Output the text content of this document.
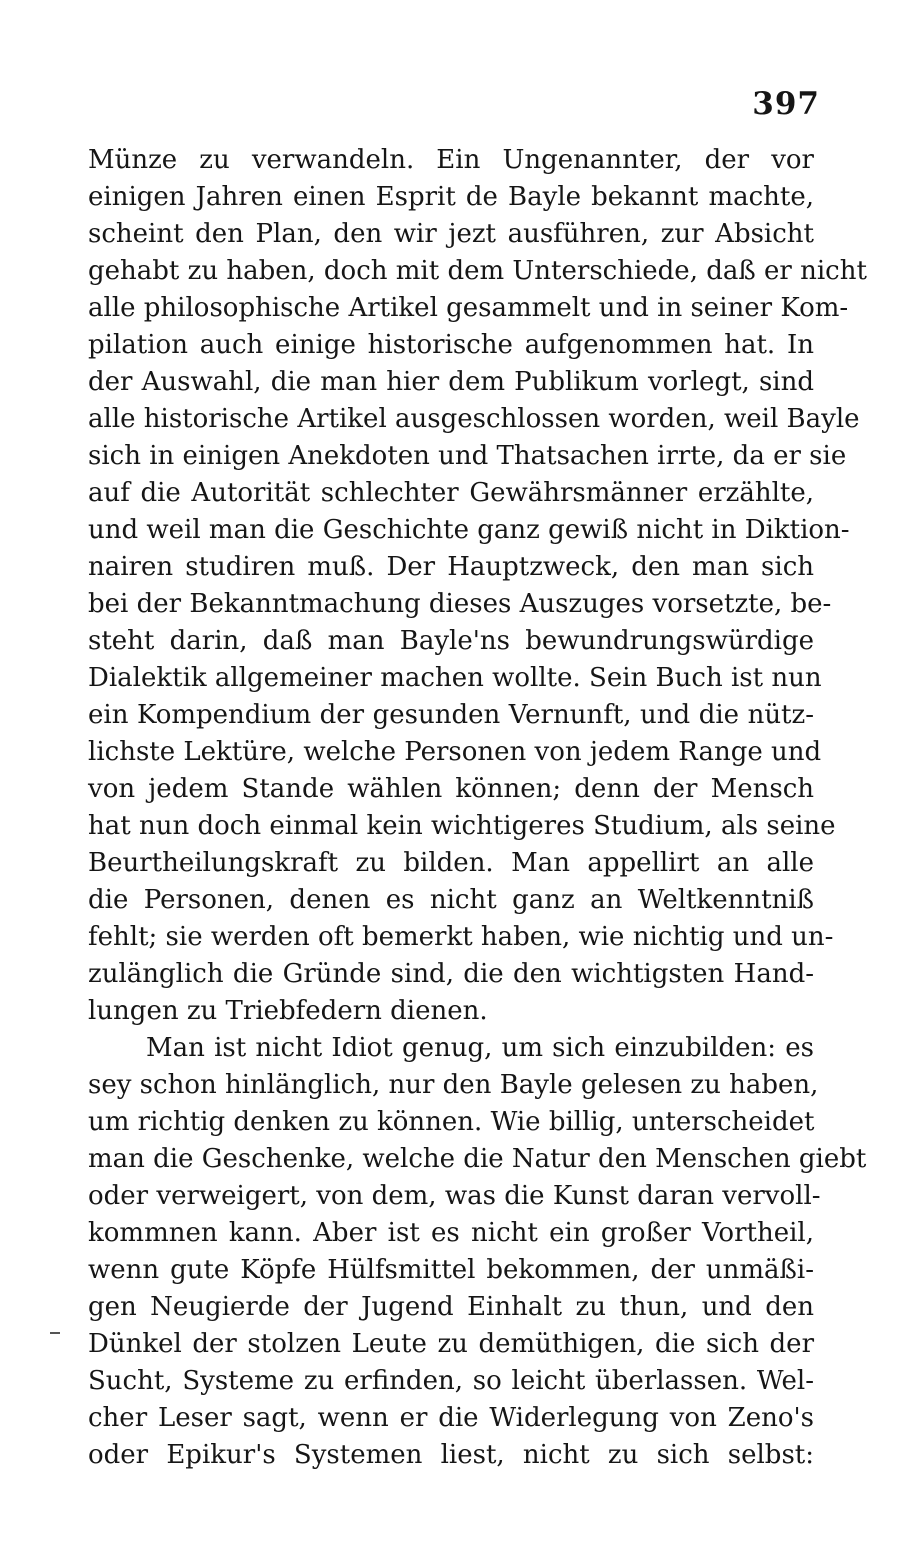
397
Münze zu verwandeln. Ein Ungenannter, der vor
einigen Jahren einen Esprit de Bayle bekannt machte,
scheint den Plan, den wir jezt ausführen, zur Absicht
gehabt zu haben, doch mit dem Unterschiede, daß er nicht
alle philosophische Artikel gesammelt und in seiner Kom-
pilation auch einige historische aufgenommen hat. In
der Auswahl, die man hier dem Publikum vorlegt, sind
alle historische Artikel ausgeschlossen worden, weil Bayle
sich in einigen Anekdoten und Thatsachen irrte, da er sie
auf die Autorität schlechter Gewährsmänner erzählte,
und weil man die Geschichte ganz gewiß nicht in Diktion-
nairen studiren muß. Der Hauptzweck, den man sich
bei der Bekanntmachung dieses Auszuges vorsetzte, be-
steht darin, daß man Bayle'ns bewundrungswürdige
Dialektik allgemeiner machen wollte. Sein Buch ist nun
ein Kompendium der gesunden Vernunft, und die nütz-
lichste Lektüre, welche Personen von jedem Range und
von jedem Stande wählen können; denn der Mensch
hat nun doch einmal kein wichtigeres Studium, als seine
Beurtheilungskraft zu bilden. Man appellirt an alle
die Personen, denen es nicht ganz an Weltkenntniß
fehlt; sie werden oft bemerkt haben, wie nichtig und un-
zulänglich die Gründe sind, die den wichtigsten Hand-
lungen zu Triebfedern dienen.
Man ist nicht Idiot genug, um sich einzubilden: es
sey schon hinlänglich, nur den Bayle gelesen zu haben,
um richtig denken zu können. Wie billig, unterscheidet
man die Geschenke, welche die Natur den Menschen giebt
oder verweigert, von dem, was die Kunst daran vervoll-
kommnen kann. Aber ist es nicht ein großer Vortheil,
wenn gute Köpfe Hülfsmittel bekommen, der unmäßi-
gen Neugierde der Jugend Einhalt zu thun, und den
Dünkel der stolzen Leute zu demüthigen, die sich der
Sucht, Systeme zu erfinden, so leicht überlassen. Wel-
cher Leser sagt, wenn er die Widerlegung von Zeno's
oder Epikur's Systemen liest, nicht zu sich selbst:
